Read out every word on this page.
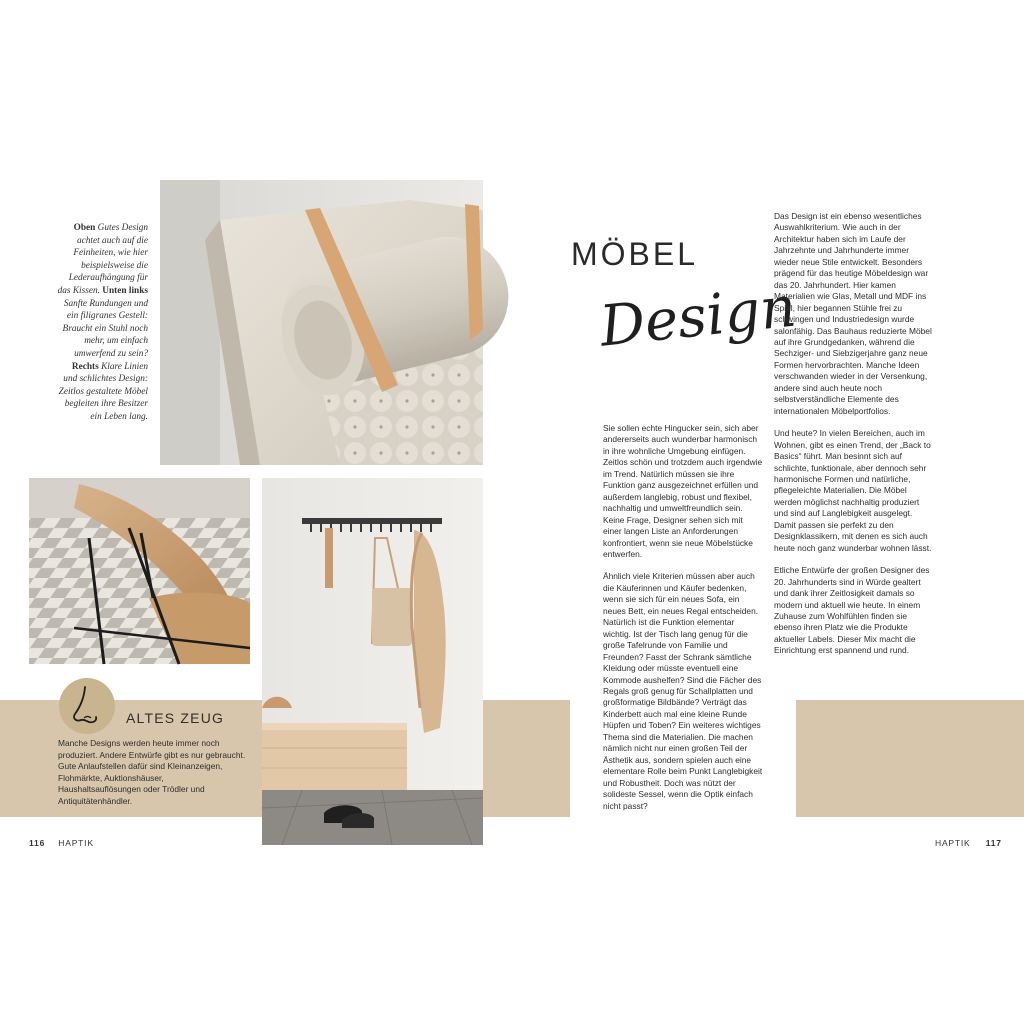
Oben Gutes Design achtet auch auf die Feinheiten, wie hier beispielsweise die Lederaufhängung für das Kissen. Unten links Sanfte Rundungen und ein filigranes Gestell: Braucht ein Stuhl noch mehr, um einfach umwerfend zu sein? Rechts Klare Linien und schlichtes Design: Zeitlos gestaltete Möbel begleiten ihre Besitzer ein Leben lang.
ALTES ZEUG
Manche Designs werden heute immer noch produziert. Andere Entwürfe gibt es nur gebraucht. Gute Anlaufstellen dafür sind Kleinanzeigen, Flohmärkte, Auktionshäuser, Haushaltsauflösungen oder Trödler und Antiquitätenhändler.
MÖBEL
Design

Sie sollen echte Hingucker sein, sich aber andererseits auch wunderbar harmonisch in ihre wohnliche Umgebung einfügen. Zeitlos schön und trotzdem auch irgendwie im Trend. Natürlich müssen sie ihre Funktion ganz ausgezeichnet erfüllen und außerdem langlebig, robust und flexibel, nachhaltig und umweltfreundlich sein. Keine Frage, Designer sehen sich mit einer langen Liste an Anforderungen konfrontiert, wenn sie neue Möbelstücke entwerfen.

Ähnlich viele Kriterien müssen aber auch die Käuferinnen und Käufer bedenken, wenn sie sich für ein neues Sofa, ein neues Bett, ein neues Regal entscheiden. Natürlich ist die Funktion elementar wichtig. Ist der Tisch lang genug für die große Tafelrunde von Familie und Freunden? Fasst der Schrank sämtliche Kleidung oder müsste eventuell eine Kommode aushelfen? Sind die Fächer des Regals groß genug für Schallplatten und großformatige Bildbände? Verträgt das Kinderbett auch mal eine kleine Runde Hüpfen und Toben? Ein weiteres wichtiges Thema sind die Materialien. Die machen nämlich nicht nur einen großen Teil der Ästhetik aus, sondern spielen auch eine elementare Rolle beim Punkt Langlebigkeit und Robustheit. Doch was nützt der solideste Sessel, wenn die Optik einfach nicht passt?

Das Design ist ein ebenso wesentliches Auswahlkriterium. Wie auch in der Architektur haben sich im Laufe der Jahrzehnte und Jahrhunderte immer wieder neue Stile entwickelt. Besonders prägend für das heutige Möbeldesign war das 20. Jahrhundert. Hier kamen Materialien wie Glas, Metall und MDF ins Spiel, hier begannen Stühle frei zu schwingen und Industriedesign wurde salonfähig. Das Bauhaus reduzierte Möbel auf ihre Grundgedanken, während die Sechziger- und Siebzigerjahre ganz neue Formen hervorbrachten. Manche Ideen verschwanden wieder in der Versenkung, andere sind auch heute noch selbstverständliche Elemente des internationalen Möbelportfolios.

Und heute? In vielen Bereichen, auch im Wohnen, gibt es einen Trend, der „Back to Basics“ führt. Man besinnt sich auf schlichte, funktionale, aber dennoch sehr harmonische Formen und natürliche, pflegeleichte Materialien. Die Möbel werden möglichst nachhaltig produziert und sind auf Langlebigkeit ausgelegt. Damit passen sie perfekt zu den Designklassikern, mit denen es sich auch heute noch ganz wunderbar wohnen lässt.

Etliche Entwürfe der großen Designer des 20. Jahrhunderts sind in Würde gealtert und dank ihrer Zeitlosigkeit damals so modern und aktuell wie heute. In einem Zuhause zum Wohlfühlen finden sie ebenso ihren Platz wie die Produkte aktueller Labels. Dieser Mix macht die Einrichtung erst spannend und rund.

116 HAPTIK	HAPTIK 117
